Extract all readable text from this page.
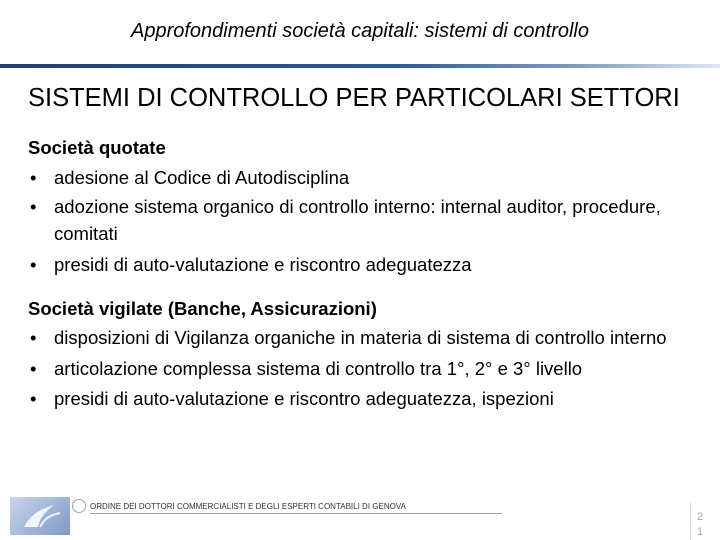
Approfondimenti società capitali: sistemi di controllo
SISTEMI DI CONTROLLO PER PARTICOLARI SETTORI
Società quotate
• adesione al Codice di Autodisciplina
• adozione sistema organico di controllo interno: internal auditor, procedure, comitati
• presidi di auto-valutazione e riscontro adeguatezza
Società vigilate (Banche, Assicurazioni)
• disposizioni di Vigilanza organiche in materia di sistema di controllo interno
• articolazione complessa sistema di controllo tra 1°, 2° e 3° livello
• presidi di auto-valutazione e riscontro adeguatezza, ispezioni
ORDINE DEI DOTTORI COMMERCIALISTI E DEGLI ESPERTI CONTABILI DI GENOVA
2
1
